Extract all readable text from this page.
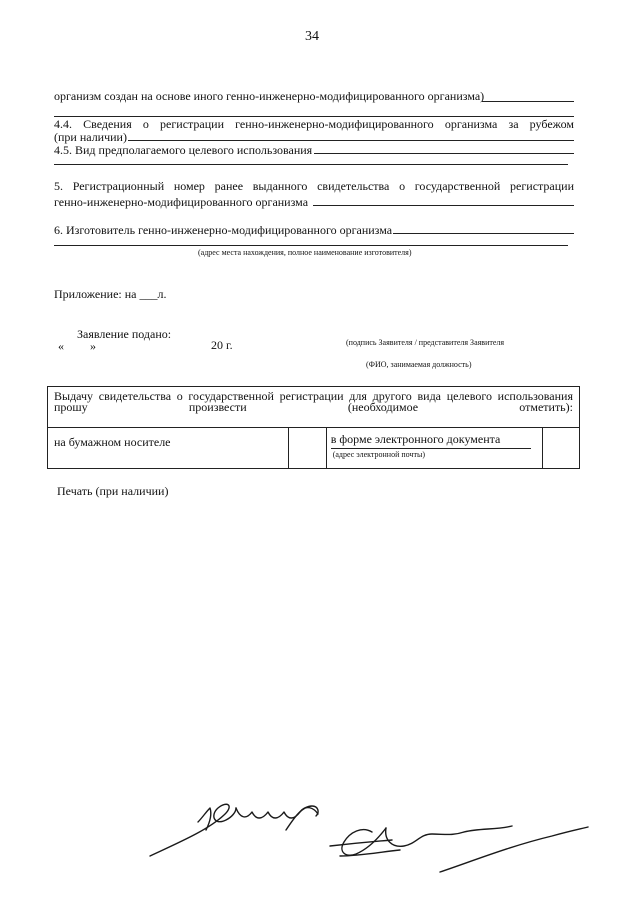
34
организм создан на основе иного генно-инженерно-модифицированного организма)
4.4. Сведения о регистрации генно-инженерно-модифицированного организма за рубежом
(при наличии)
4.5. Вид предполагаемого целевого использования
5. Регистрационный номер ранее выданного свидетельства о государственной регистрации
генно-инженерно-модифицированного организма
6. Изготовитель генно-инженерно-модифицированного организма
(адрес места нахождения, полное наименование изготовителя)
Приложение: на ___л.
Заявление подано:
« »	20 г.	(подпись Заявителя / представителя Заявителя
(ФИО, занимаемая должность)
Выдачу свидетельства о государственной регистрации для другого вида целевого использования прошу произвести (необходимое отметить):

на бумажном носителе		в форме электронного документа
(адрес электронной почты)

Печать (при наличии)
